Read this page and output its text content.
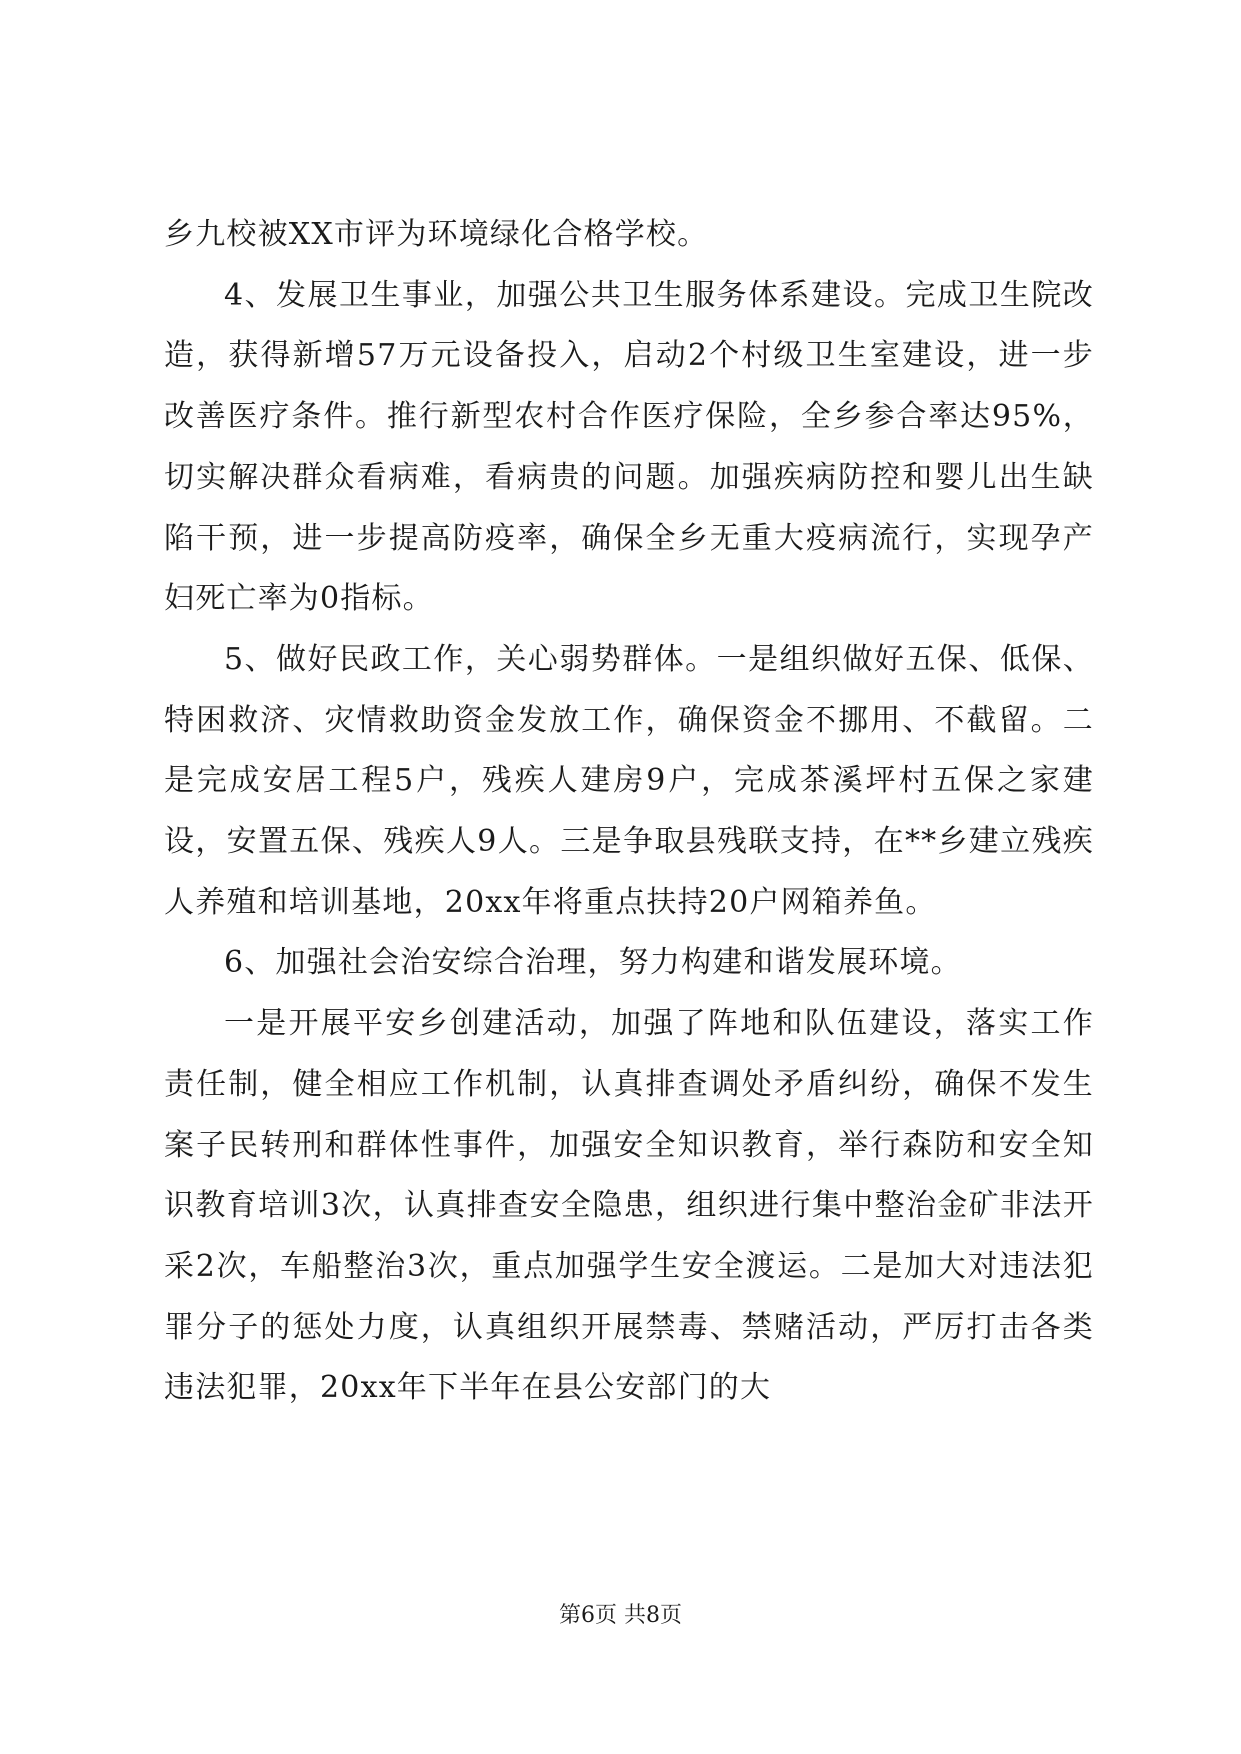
乡九校被XX市评为环境绿化合格学校。

4、发展卫生事业，加强公共卫生服务体系建设。完成卫生院改造，获得新增57万元设备投入，启动2个村级卫生室建设，进一步改善医疗条件。推行新型农村合作医疗保险，全乡参合率达95%，切实解决群众看病难，看病贵的问题。加强疾病防控和婴儿出生缺陷干预，进一步提高防疫率，确保全乡无重大疫病流行，实现孕产妇死亡率为0指标。

5、做好民政工作，关心弱势群体。一是组织做好五保、低保、特困救济、灾情救助资金发放工作，确保资金不挪用、不截留。二是完成安居工程5户，残疾人建房9户，完成茶溪坪村五保之家建设，安置五保、残疾人9人。三是争取县残联支持，在**乡建立残疾人养殖和培训基地，20xx年将重点扶持20户网箱养鱼。

6、加强社会治安综合治理，努力构建和谐发展环境。

一是开展平安乡创建活动，加强了阵地和队伍建设，落实工作责任制，健全相应工作机制，认真排查调处矛盾纠纷，确保不发生案子民转刑和群体性事件，加强安全知识教育，举行森防和安全知识教育培训3次，认真排查安全隐患，组织进行集中整治金矿非法开采2次，车船整治3次，重点加强学生安全渡运。二是加大对违法犯罪分子的惩处力度，认真组织开展禁毒、禁赌活动，严厉打击各类违法犯罪，20xx年下半年在县公安部门的大

第6页 共8页
